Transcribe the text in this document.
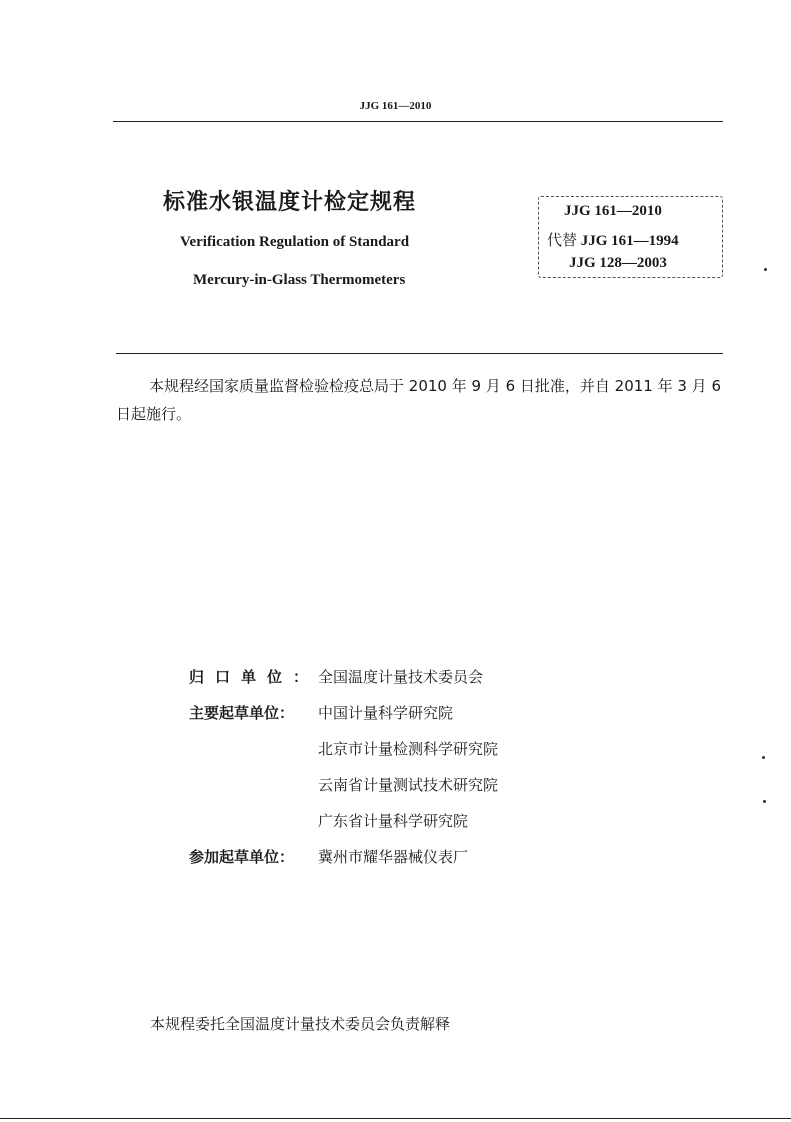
JJG 161—2010
标准水银温度计检定规程
Verification Regulation of Standard
Mercury-in-Glass Thermometers
JJG 161—2010
代替 JJG 161—1994
JJG 128—2003
本规程经国家质量监督检验检疫总局于 2010 年 9 月 6 日批准，并自 2011 年 3 月 6 日起施行。
归口单位：
全国温度计量技术委员会
主要起草单位：	中国计量科学研究院
北京市计量检测科学研究院
云南省计量测试技术研究院
广东省计量科学研究院
参加起草单位：	冀州市耀华器械仪表厂
本规程委托全国温度计量技术委员会负责解释
